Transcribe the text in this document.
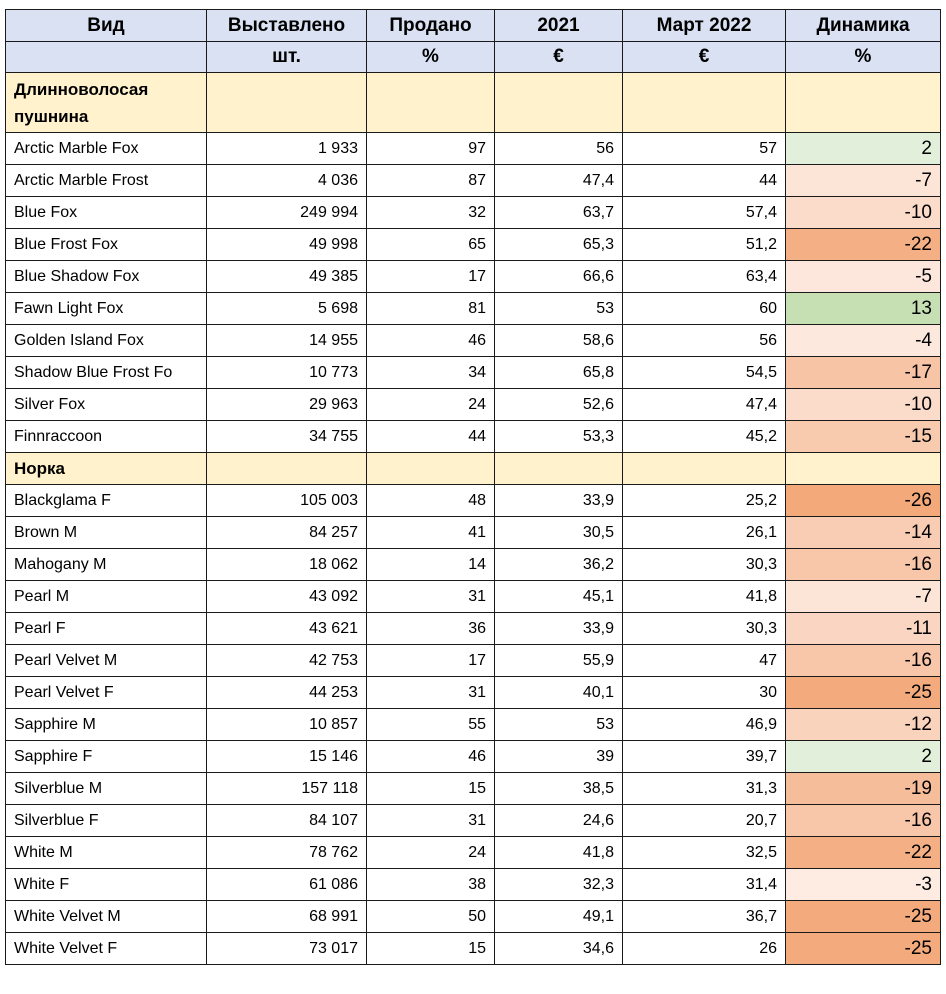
Вид	Выставлено	Продано	2021	Март 2022	Динамика
	шт.	%	€	€	%
Длинноволосая пушнина					
Arctic Marble Fox	1 933	97	56	57	2
Arctic Marble Frost	4 036	87	47,4	44	-7
Blue Fox	249 994	32	63,7	57,4	-10
Blue Frost Fox	49 998	65	65,3	51,2	-22
Blue Shadow Fox	49 385	17	66,6	63,4	-5
Fawn Light Fox	5 698	81	53	60	13
Golden Island Fox	14 955	46	58,6	56	-4
Shadow Blue Frost Fo	10 773	34	65,8	54,5	-17
Silver Fox	29 963	24	52,6	47,4	-10
Finnraccoon	34 755	44	53,3	45,2	-15
Норка					
Blackglama F	105 003	48	33,9	25,2	-26
Brown M	84 257	41	30,5	26,1	-14
Mahogany M	18 062	14	36,2	30,3	-16
Pearl M	43 092	31	45,1	41,8	-7
Pearl F	43 621	36	33,9	30,3	-11
Pearl Velvet M	42 753	17	55,9	47	-16
Pearl Velvet F	44 253	31	40,1	30	-25
Sapphire M	10 857	55	53	46,9	-12
Sapphire F	15 146	46	39	39,7	2
Silverblue M	157 118	15	38,5	31,3	-19
Silverblue F	84 107	31	24,6	20,7	-16
White M	78 762	24	41,8	32,5	-22
White F	61 086	38	32,3	31,4	-3
White Velvet M	68 991	50	49,1	36,7	-25
White Velvet F	73 017	15	34,6	26	-25
